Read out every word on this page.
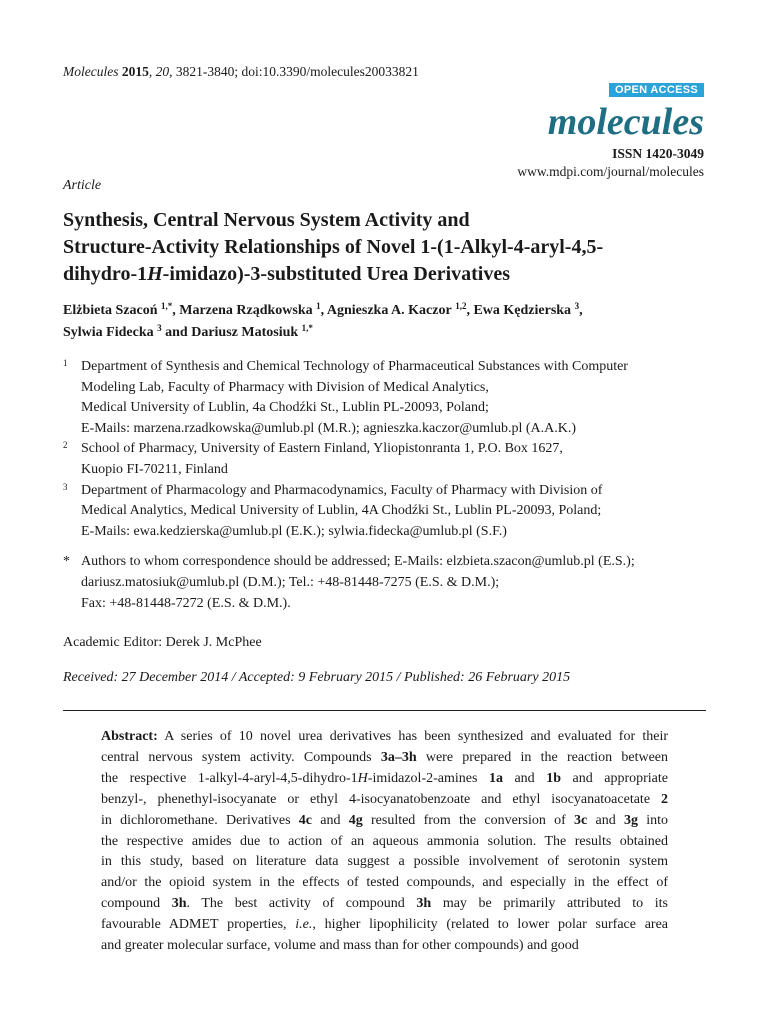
Molecules 2015, 20, 3821-3840; doi:10.3390/molecules20033821
OPEN ACCESS
molecules
ISSN 1420-3049
www.mdpi.com/journal/molecules
Article
Synthesis, Central Nervous System Activity and
Structure-Activity Relationships of Novel 1-(1-Alkyl-4-aryl-4,5-
dihydro-1H-imidazo)-3-substituted Urea Derivatives
Elżbieta Szacoń $^{1,*}$, Marzena Rządkowska $^1$, Agnieszka A. Kaczor $^{1,2}$, Ewa Kędzierska $^3$,
Sylwia Fidecka $^3$ and Dariusz Matosiuk $^{1,*}$
1 Department of Synthesis and Chemical Technology of Pharmaceutical Substances with Computer
Modeling Lab, Faculty of Pharmacy with Division of Medical Analytics,
Medical University of Lublin, 4a Chodźki St., Lublin PL-20093, Poland;
E-Mails: marzena.rzadkowska@umlub.pl (M.R.); agnieszka.kaczor@umlub.pl (A.A.K.)
2 School of Pharmacy, University of Eastern Finland, Yliopistonranta 1, P.O. Box 1627,
Kuopio FI-70211, Finland
3 Department of Pharmacology and Pharmacodynamics, Faculty of Pharmacy with Division of
Medical Analytics, Medical University of Lublin, 4A Chodźki St., Lublin PL-20093, Poland;
E-Mails: ewa.kedzierska@umlub.pl (E.K.); sylwia.fidecka@umlub.pl (S.F.)
* Authors to whom correspondence should be addressed; E-Mails: elzbieta.szacon@umlub.pl (E.S.);
dariusz.matosiuk@umlub.pl (D.M.); Tel.: +48-81448-7275 (E.S. & D.M.);
Fax: +48-81448-7272 (E.S. & D.M.).
Academic Editor: Derek J. McPhee
Received: 27 December 2014 / Accepted: 9 February 2015 / Published: 26 February 2015
Abstract: A series of 10 novel urea derivatives has been synthesized and evaluated for their
central nervous system activity. Compounds 3a–3h were prepared in the reaction between
the respective 1-alkyl-4-aryl-4,5-dihydro-1H-imidazol-2-amines 1a and 1b and appropriate
benzyl-, phenethyl-isocyanate or ethyl 4-isocyanatobenzoate and ethyl isocyanatoacetate 2
in dichloromethane. Derivatives 4c and 4g resulted from the conversion of 3c and 3g into
the respective amides due to action of an aqueous ammonia solution. The results obtained
in this study, based on literature data suggest a possible involvement of serotonin system
and/or the opioid system in the effects of tested compounds, and especially in the effect of
compound 3h. The best activity of compound 3h may be primarily attributed to its
favourable ADMET properties, i.e., higher lipophilicity (related to lower polar surface area
and greater molecular surface, volume and mass than for other compounds) and good
